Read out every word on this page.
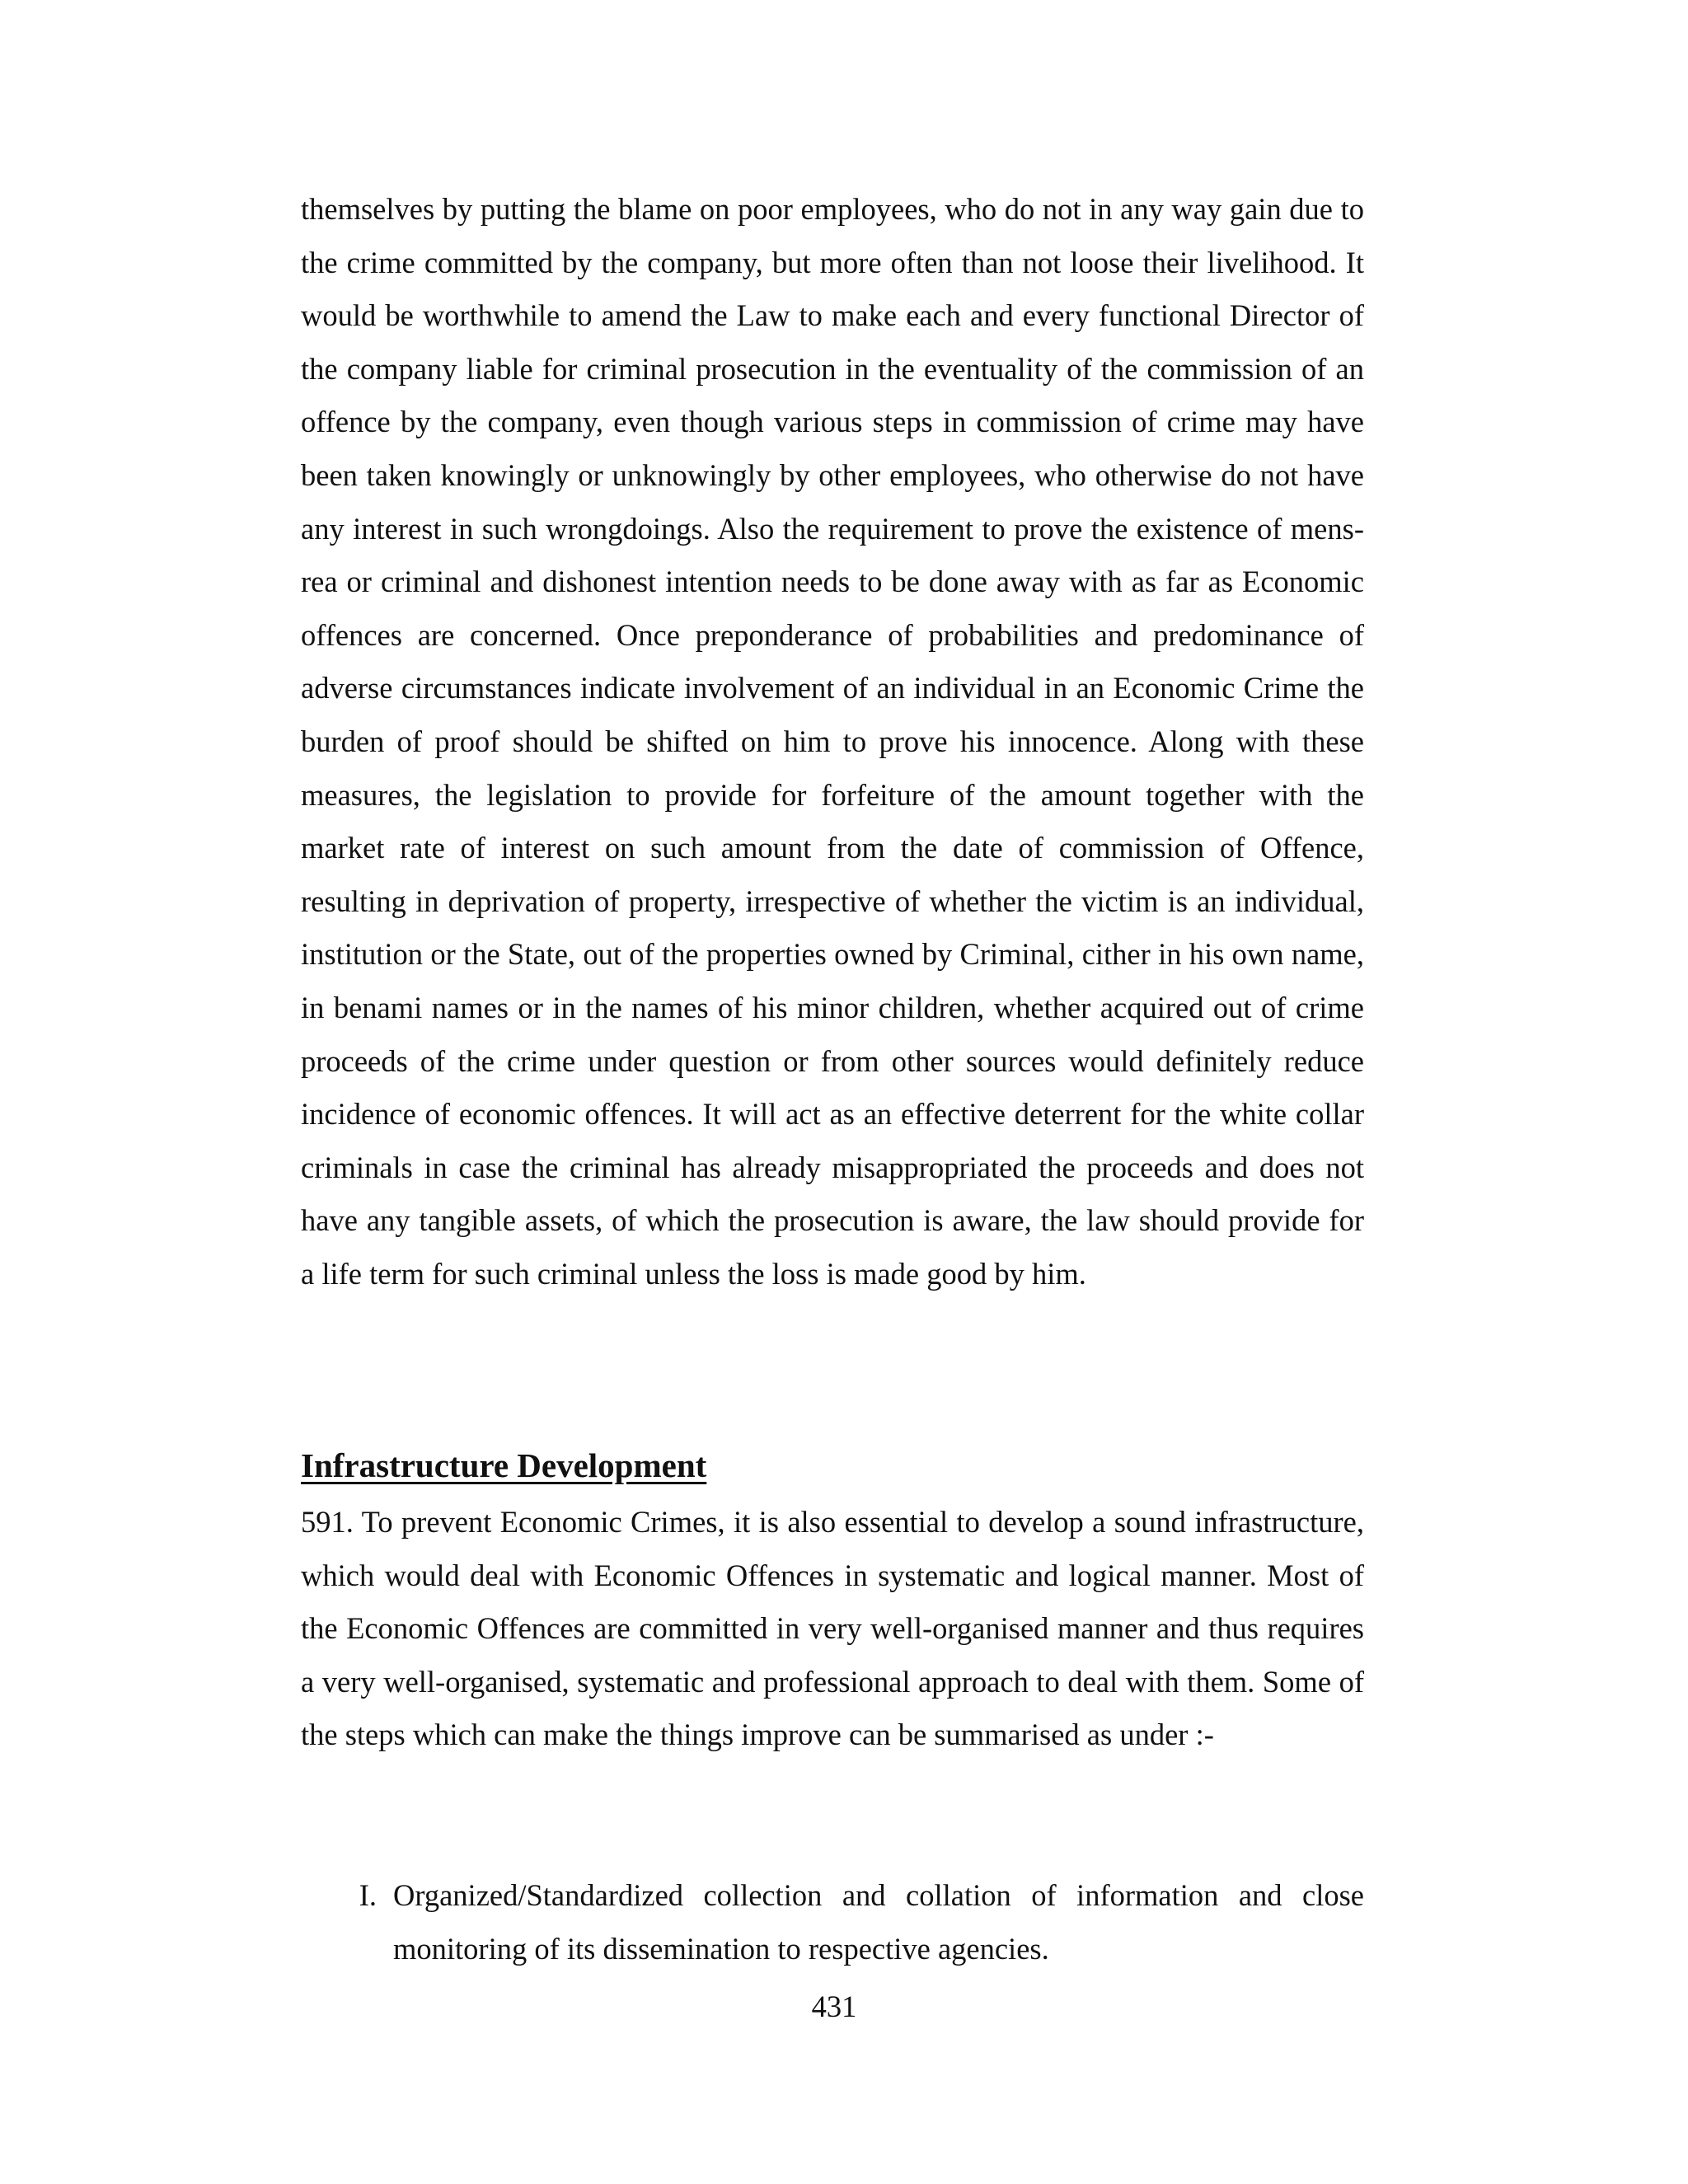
themselves by putting the blame on poor employees, who do not in any way gain due to the crime committed by the company, but more often than not loose their livelihood. It would be worthwhile to amend the Law to make each and every functional Director of the company liable for criminal prosecution in the eventuality of the commission of an offence by the company, even though various steps in commission of crime may have been taken knowingly or unknowingly by other employees, who otherwise do not have any interest in such wrongdoings. Also the requirement to prove the existence of mens-rea or criminal and dishonest intention needs to be done away with as far as Economic offences are concerned. Once preponderance of probabilities and predominance of adverse circumstances indicate involvement of an individual in an Economic Crime the burden of proof should be shifted on him to prove his innocence. Along with these measures, the legislation to provide for forfeiture of the amount together with the market rate of interest on such amount from the date of commission of Offence, resulting in deprivation of property, irrespective of whether the victim is an individual, institution or the State, out of the properties owned by Criminal, cither in his own name, in benami names or in the names of his minor children, whether acquired out of crime proceeds of the crime under question or from other sources would definitely reduce incidence of economic offences. It will act as an effective deterrent for the white collar criminals in case the criminal has already misappropriated the proceeds and does not have any tangible assets, of which the prosecution is aware, the law should provide for a life term for such criminal unless the loss is made good by him.

Infrastructure Development

591. To prevent Economic Crimes, it is also essential to develop a sound infrastructure, which would deal with Economic Offences in systematic and logical manner. Most of the Economic Offences are committed in very well-organised manner and thus requires a very well-organised, systematic and professional approach to deal with them. Some of the steps which can make the things improve can be summarised as under :-

I. Organized/Standardized collection and collation of information and close monitoring of its dissemination to respective agencies.

431
